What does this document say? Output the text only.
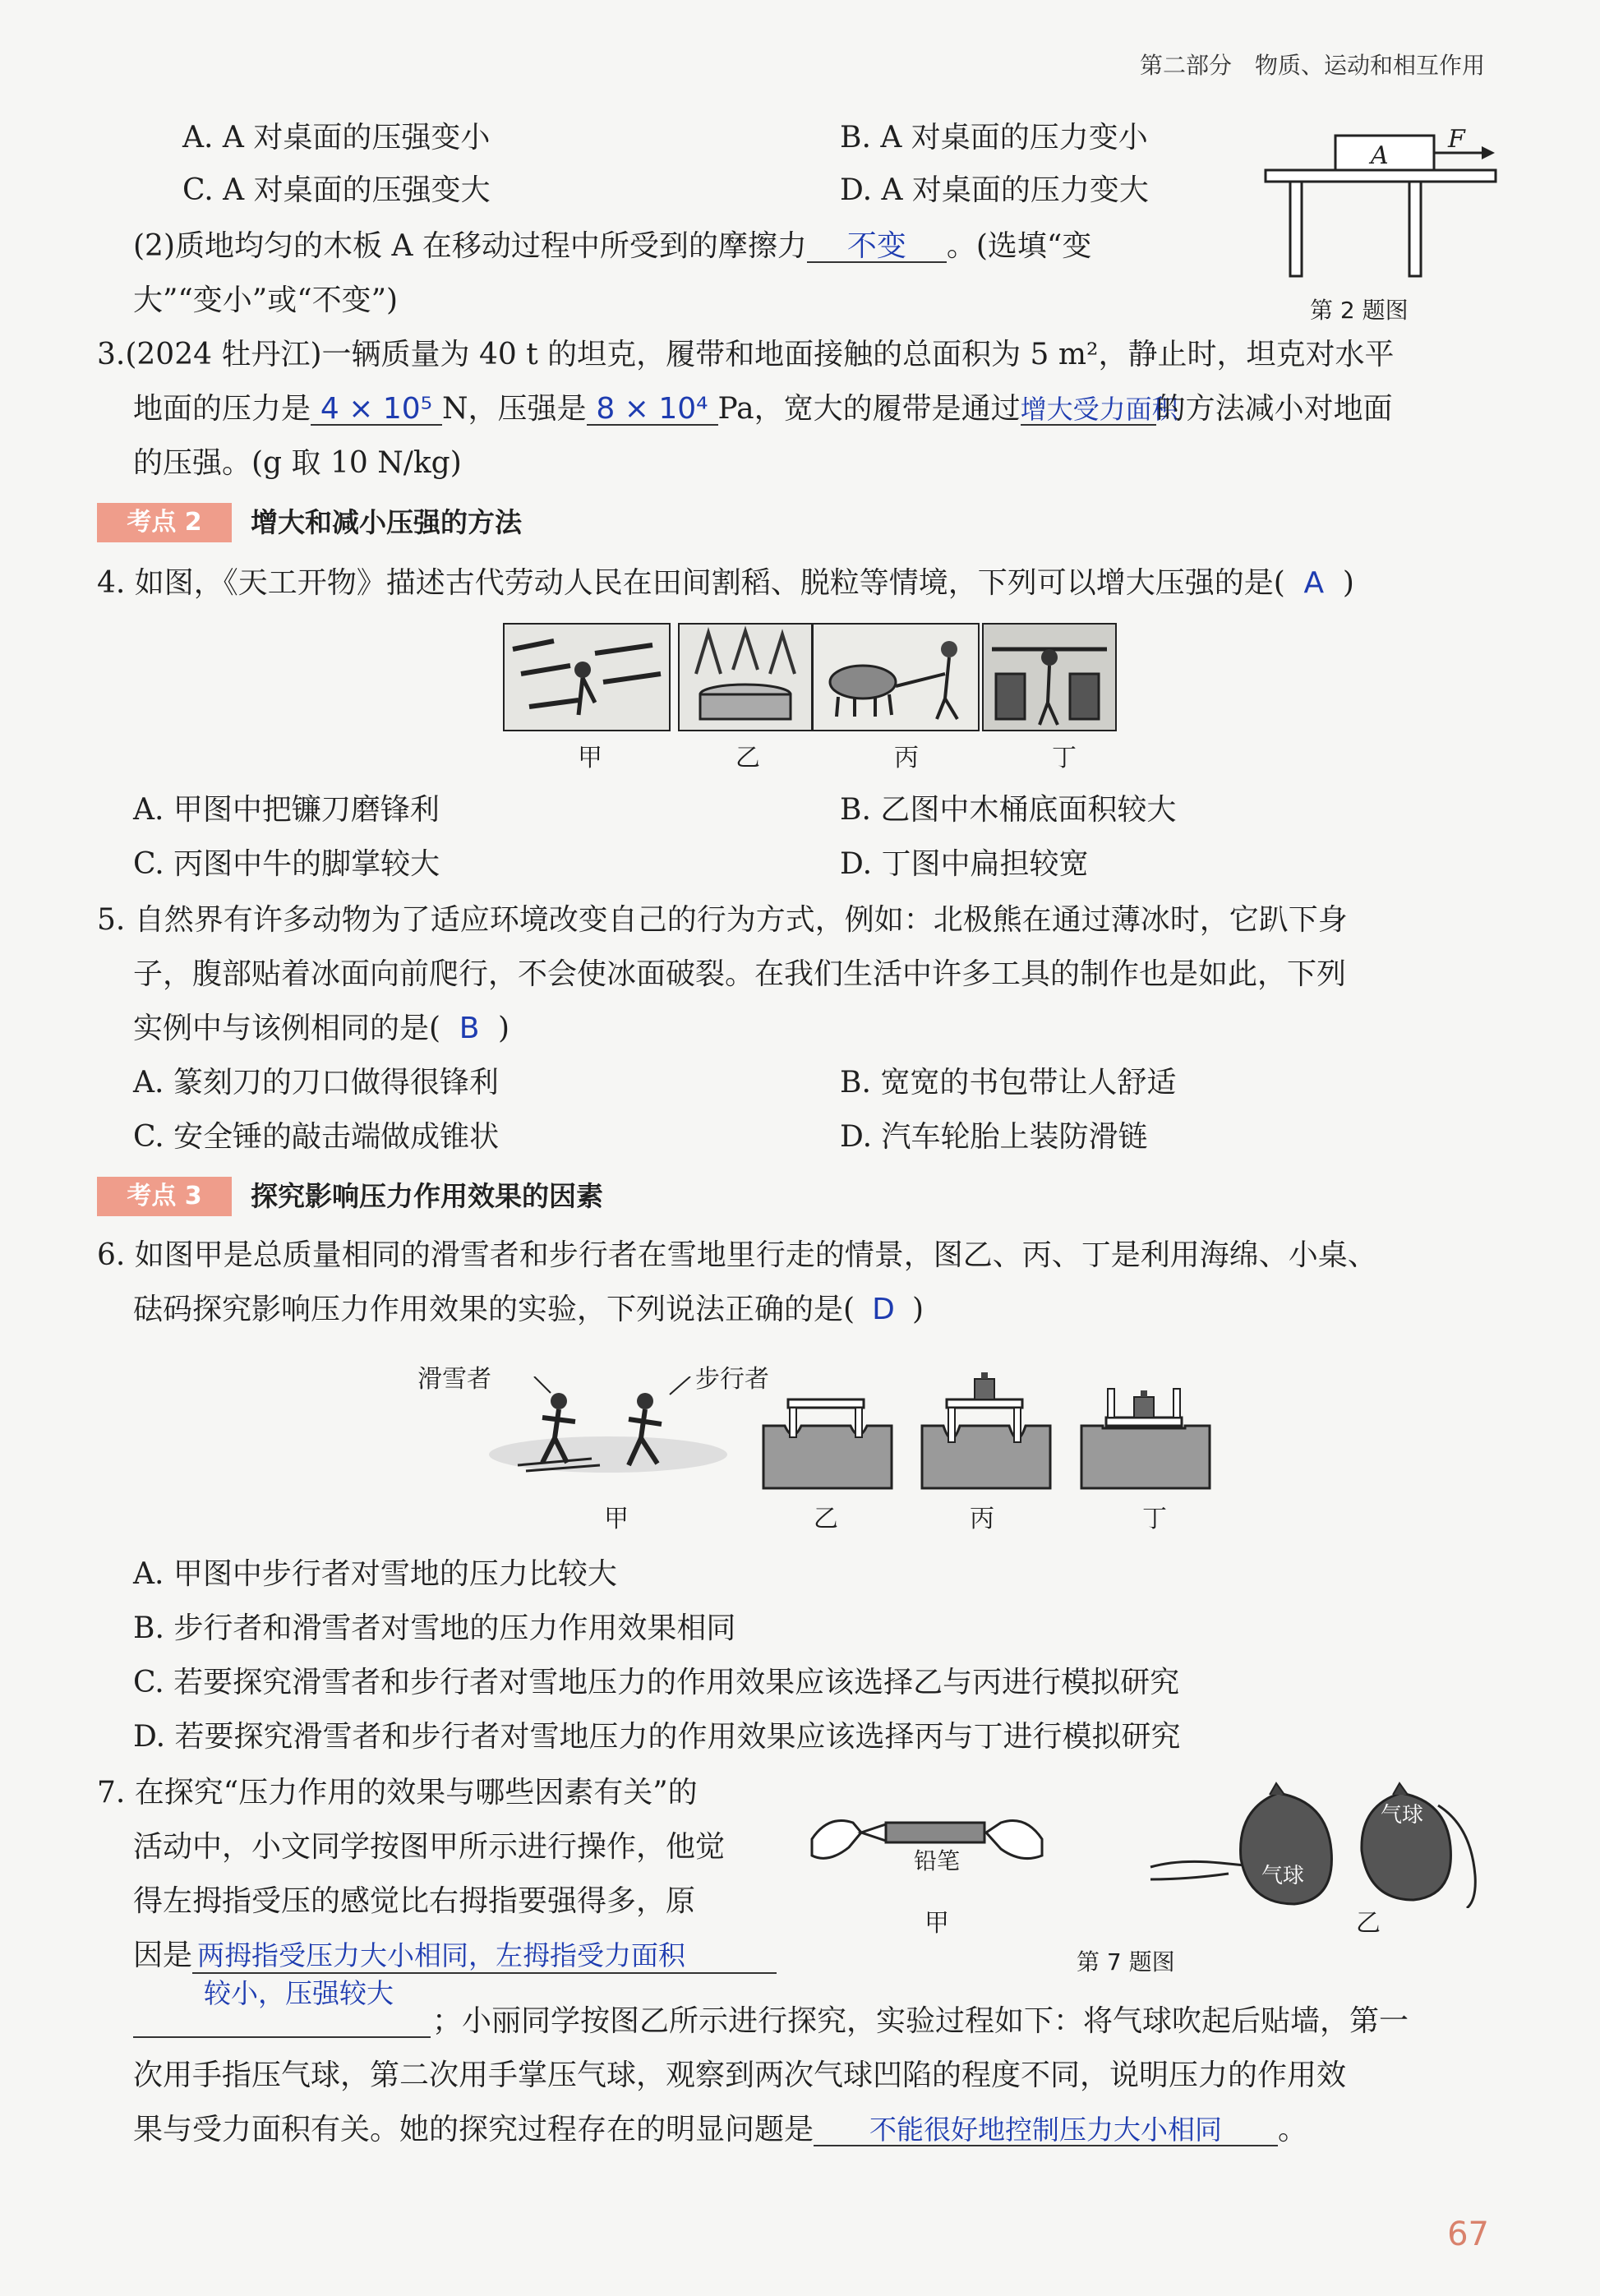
第二部分　物质、运动和相互作用
A. A 对桌面的压强变小	B. A 对桌面的压力变小
C. A 对桌面的压强变大	D. A 对桌面的压力变大
(2)质地均匀的木板 A 在移动过程中所受到的摩擦力 不变 。(选填“变
大”“变小”或“不变”)
A
F
第 2 题图
3.(2024 牡丹江)一辆质量为 40 t 的坦克，履带和地面接触的总面积为 5 m²，静止时，坦克对水平
地面的压力是 4 × 10⁵ N，压强是 8 × 10⁴ Pa，宽大的履带是通过增大受力面积的方法减小对地面
的压强。(g 取 10 N/kg)
考点 2	增大和减小压强的方法
4. 如图，《天工开物》描述古代劳动人民在田间割稻、脱粒等情境，下列可以增大压强的是( A )
甲	乙	丙	丁
A. 甲图中把镰刀磨锋利	B. 乙图中木桶底面积较大
C. 丙图中牛的脚掌较大	D. 丁图中扁担较宽
5. 自然界有许多动物为了适应环境改变自己的行为方式，例如：北极熊在通过薄冰时，它趴下身
子，腹部贴着冰面向前爬行，不会使冰面破裂。在我们生活中许多工具的制作也是如此，下列
实例中与该例相同的是( B )
A. 篆刻刀的刀口做得很锋利	B. 宽宽的书包带让人舒适
C. 安全锤的敲击端做成锥状	D. 汽车轮胎上装防滑链
考点 3	探究影响压力作用效果的因素
6. 如图甲是总质量相同的滑雪者和步行者在雪地里行走的情景，图乙、丙、丁是利用海绵、小桌、
砝码探究影响压力作用效果的实验，下列说法正确的是( D )
滑雪者	步行者
甲	乙	丙	丁
A. 甲图中步行者对雪地的压力比较大
B. 步行者和滑雪者对雪地的压力作用效果相同
C. 若要探究滑雪者和步行者对雪地压力的作用效果应该选择乙与丙进行模拟研究
D. 若要探究滑雪者和步行者对雪地压力的作用效果应该选择丙与丁进行模拟研究
7. 在探究“压力作用的效果与哪些因素有关”的
活动中，小文同学按图甲所示进行操作，他觉
得左拇指受压的感觉比右拇指要强得多，原
因是 两拇指受压力大小相同，左拇指受力面积
较小，压强较大
；小丽同学按图乙所示进行探究，实验过程如下：将气球吹起后贴墙，第一
次用手指压气球，第二次用手掌压气球，观察到两次气球凹陷的程度不同，说明压力的作用效
果与受力面积有关。她的探究过程存在的明显问题是 不能很好地控制压力大小相同 。
铅笔
气球
气球
甲	乙
第 7 题图
67
